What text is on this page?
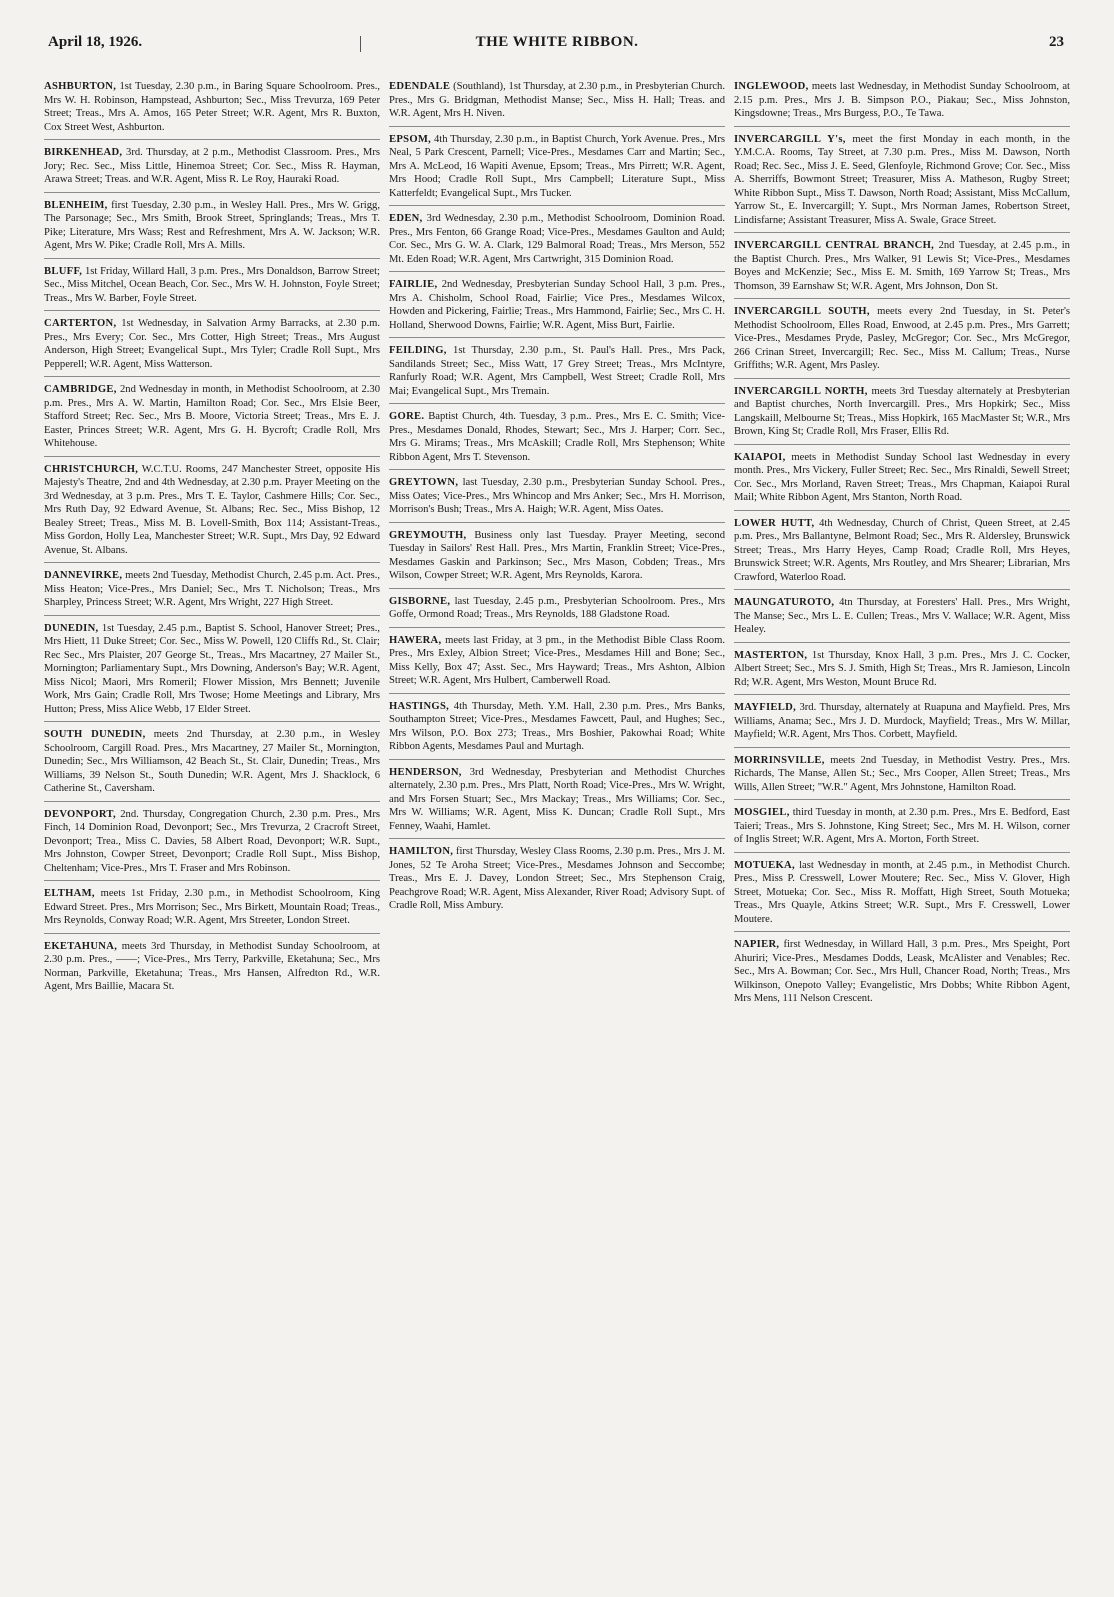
April 18, 1926.	THE WHITE RIBBON.	23
ASHBURTON, 1st Tuesday, 2.30 p.m., in Baring Square Schoolroom. Pres., Mrs W. H. Robinson, Hampstead, Ashburton; Sec., Miss Trevurza, 169 Peter Street; Treas., Mrs A. Amos, 165 Peter Street; W.R. Agent, Mrs R. Buxton, Cox Street West, Ashburton.
BIRKENHEAD, 3rd. Thursday, at 2 p.m., Methodist Classroom. Pres., Mrs Jory; Rec. Sec., Miss Little, Hinemoa Street; Cor. Sec., Miss R. Hayman, Arawa Street; Treas. and W.R. Agent, Miss R. Le Roy, Hauraki Road.
BLENHEIM, first Tuesday, 2.30 p.m., in Wesley Hall. Pres., Mrs W. Grigg, The Parsonage; Sec., Mrs Smith, Brook Street, Springlands; Treas., Mrs T. Pike; Literature, Mrs Wass; Rest and Refreshment, Mrs A. W. Jackson; W.R. Agent, Mrs W. Pike; Cradle Roll, Mrs A. Mills.
BLUFF, 1st Friday, Willard Hall, 3 p.m. Pres., Mrs Donaldson, Barrow Street; Sec., Miss Mitchel, Ocean Beach, Cor. Sec., Mrs W. H. Johnston, Foyle Street; Treas., Mrs W. Barber, Foyle Street.
CARTERTON, 1st Wednesday, in Salvation Army Barracks, at 2.30 p.m. Pres., Mrs Every; Cor. Sec., Mrs Cotter, High Street; Treas., Mrs August Anderson, High Street; Evangelical Supt., Mrs Tyler; Cradle Roll Supt., Mrs Pepperell; W.R. Agent, Miss Watterson.
CAMBRIDGE, 2nd Wednesday in month, in Methodist Schoolroom, at 2.30 p.m. Pres., Mrs A. W. Martin, Hamilton Road; Cor. Sec., Mrs Elsie Beer, Stafford Street; Rec. Sec., Mrs B. Moore, Victoria Street; Treas., Mrs E. J. Easter, Princes Street; W.R. Agent, Mrs G. H. Bycroft; Cradle Roll, Mrs Whitehouse.
CHRISTCHURCH, W.C.T.U. Rooms, 247 Manchester Street, opposite His Majesty's Theatre, 2nd and 4th Wednesday, at 2.30 p.m. Prayer Meeting on the 3rd Wednesday, at 3 p.m. Pres., Mrs T. E. Taylor, Cashmere Hills; Cor. Sec., Mrs Ruth Day, 92 Edward Avenue, St. Albans; Rec. Sec., Miss Bishop, 12 Bealey Street; Treas., Miss M. B. Lovell-Smith, Box 114; Assistant-Treas., Miss Gordon, Holly Lea, Manchester Street; W.R. Supt., Mrs Day, 92 Edward Avenue, St. Albans.
DANNEVIRKE, meets 2nd Tuesday, Methodist Church, 2.45 p.m. Act. Pres., Miss Heaton; Vice-Pres., Mrs Daniel; Sec., Mrs T. Nicholson; Treas., Mrs Sharpley, Princess Street; W.R. Agent, Mrs Wright, 227 High Street.
DUNEDIN, 1st Tuesday, 2.45 p.m., Baptist S. School, Hanover Street; Pres., Mrs Hiett, 11 Duke Street; Cor. Sec., Miss W. Powell, 120 Cliffs Rd., St. Clair; Rec Sec., Mrs Plaister, 207 George St., Treas., Mrs Macartney, 27 Mailer St., Mornington; Parliamentary Supt., Mrs Downing, Anderson's Bay; W.R. Agent, Miss Nicol; Maori, Mrs Romeril; Flower Mission, Mrs Bennett; Juvenile Work, Mrs Gain; Cradle Roll, Mrs Twose; Home Meetings and Library, Mrs Hutton; Press, Miss Alice Webb, 17 Elder Street.
SOUTH DUNEDIN, meets 2nd Thursday, at 2.30 p.m., in Wesley Schoolroom, Cargill Road. Pres., Mrs Macartney, 27 Mailer St., Mornington, Dunedin; Sec., Mrs Williamson, 42 Beach St., St. Clair, Dunedin; Treas., Mrs Williams, 39 Nelson St., South Dunedin; W.R. Agent, Mrs J. Shacklock, 6 Catherine St., Caversham.
DEVONPORT, 2nd. Thursday, Congregation Church, 2.30 p.m. Pres., Mrs Finch, 14 Dominion Road, Devonport; Sec., Mrs Trevurza, 2 Cracroft Street, Devonport; Trea., Miss C. Davies, 58 Albert Road, Devonport; W.R. Supt., Mrs Johnston, Cowper Street, Devonport; Cradle Roll Supt., Miss Bishop, Cheltenham; Vice-Pres., Mrs T. Fraser and Mrs Robinson.
ELTHAM, meets 1st Friday, 2.30 p.m., in Methodist Schoolroom, King Edward Street. Pres., Mrs Morrison; Sec., Mrs Birkett, Mountain Road; Treas., Mrs Reynolds, Conway Road; W.R. Agent, Mrs Streeter, London Street.
EKETAHUNA, meets 3rd Thursday, in Methodist Sunday Schoolroom, at 2.30 p.m. Pres., ——; Vice-Pres., Mrs Terry, Parkville, Eketahuna; Sec., Mrs Norman, Parkville, Eketahuna; Treas., Mrs Hansen, Alfredton Rd., W.R. Agent, Mrs Baillie, Macara St.
EDENDALE (Southland), 1st Thursday, at 2.30 p.m., in Presbyterian Church. Pres., Mrs G. Bridgman, Methodist Manse; Sec., Miss H. Hall; Treas. and W.R. Agent, Mrs H. Niven.
EPSOM, 4th Thursday, 2.30 p.m., in Baptist Church, York Avenue. Pres., Mrs Neal, 5 Park Crescent, Parnell; Vice-Pres., Mesdames Carr and Martin; Sec., Mrs A. McLeod, 16 Wapiti Avenue, Epsom; Treas., Mrs Pirrett; W.R. Agent, Mrs Hood; Cradle Roll Supt., Mrs Campbell; Literature Supt., Miss Katterfeldt; Evangelical Supt., Mrs Tucker.
EDEN, 3rd Wednesday, 2.30 p.m., Methodist Schoolroom, Dominion Road. Pres., Mrs Fenton, 66 Grange Road; Vice-Pres., Mesdames Gaulton and Auld; Cor. Sec., Mrs G. W. A. Clark, 129 Balmoral Road; Treas., Mrs Merson, 552 Mt. Eden Road; W.R. Agent, Mrs Cartwright, 315 Dominion Road.
FAIRLIE, 2nd Wednesday, Presbyterian Sunday School Hall, 3 p.m. Pres., Mrs A. Chisholm, School Road, Fairlie; Vice Pres., Mesdames Wilcox, Howden and Pickering, Fairlie; Treas., Mrs Hammond, Fairlie; Sec., Mrs C. H. Holland, Sherwood Downs, Fairlie; W.R. Agent, Miss Burt, Fairlie.
FEILDING, 1st Thursday, 2.30 p.m., St. Paul's Hall. Pres., Mrs Pack, Sandilands Street; Sec., Miss Watt, 17 Grey Street; Treas., Mrs McIntyre, Ranfurly Road; W.R. Agent, Mrs Campbell, West Street; Cradle Roll, Mrs Mai; Evangelical Supt., Mrs Tremain.
GORE. Baptist Church, 4th. Tuesday, 3 p.m.. Pres., Mrs E. C. Smith; Vice-Pres., Mesdames Donald, Rhodes, Stewart; Sec., Mrs J. Harper; Corr. Sec., Mrs G. Mirams; Treas., Mrs McAskill; Cradle Roll, Mrs Stephenson; White Ribbon Agent, Mrs T. Stevenson.
GREYTOWN, last Tuesday, 2.30 p.m., Presbyterian Sunday School. Pres., Miss Oates; Vice-Pres., Mrs Whincop and Mrs Anker; Sec., Mrs H. Morrison, Morrison's Bush; Treas., Mrs A. Haigh; W.R. Agent, Miss Oates.
GREYMOUTH, Business only last Tuesday. Prayer Meeting, second Tuesday in Sailors' Rest Hall. Pres., Mrs Martin, Franklin Street; Vice-Pres., Mesdames Gaskin and Parkinson; Sec., Mrs Mason, Cobden; Treas., Mrs Wilson, Cowper Street; W.R. Agent, Mrs Reynolds, Karora.
GISBORNE, last Tuesday, 2.45 p.m., Presbyterian Schoolroom. Pres., Mrs Goffe, Ormond Road; Treas., Mrs Reynolds, 188 Gladstone Road.
HAWERA, meets last Friday, at 3 pm., in the Methodist Bible Class Room. Pres., Mrs Exley, Albion Street; Vice-Pres., Mesdames Hill and Bone; Sec., Miss Kelly, Box 47; Asst. Sec., Mrs Hayward; Treas., Mrs Ashton, Albion Street; W.R. Agent, Mrs Hulbert, Camberwell Road.
HASTINGS, 4th Thursday, Meth. Y.M. Hall, 2.30 p.m. Pres., Mrs Banks, Southampton Street; Vice-Pres., Mesdames Fawcett, Paul, and Hughes; Sec., Mrs Wilson, P.O. Box 273; Treas., Mrs Boshier, Pakowhai Road; White Ribbon Agents, Mesdames Paul and Murtagh.
HENDERSON, 3rd Wednesday, Presbyterian and Methodist Churches alternately, 2.30 p.m. Pres., Mrs Platt, North Road; Vice-Pres., Mrs W. Wright, and Mrs Forsen Stuart; Sec., Mrs Mackay; Treas., Mrs Williams; Cor. Sec., Mrs W. Williams; W.R. Agent, Miss K. Duncan; Cradle Roll Supt., Mrs Fenney, Waahi, Hamlet.
HAMILTON, first Thursday, Wesley Class Rooms, 2.30 p.m. Pres., Mrs J. M. Jones, 52 Te Aroha Street; Vice-Pres., Mesdames Johnson and Seccombe; Treas., Mrs E. J. Davey, London Street; Sec., Mrs Stephenson Craig, Peachgrove Road; W.R. Agent, Miss Alexander, River Road; Advisory Supt. of Cradle Roll, Miss Ambury.
INGLEWOOD, meets last Wednesday, in Methodist Sunday Schoolroom, at 2.15 p.m. Pres., Mrs J. B. Simpson P.O., Piakau; Sec., Miss Johnston, Kingsdowne; Treas., Mrs Burgess, P.O., Te Tawa.
INVERCARGILL Y's, meet the first Monday in each month, in the Y.M.C.A. Rooms, Tay Street, at 7.30 p.m. Pres., Miss M. Dawson, North Road; Rec. Sec., Miss J. E. Seed, Glenfoyle, Richmond Grove; Cor. Sec., Miss A. Sherriffs, Bowmont Street; Treasurer, Miss A. Matheson, Rugby Street; White Ribbon Supt., Miss T. Dawson, North Road; Assistant, Miss McCallum, Yarrow St., E. Invercargill; Y. Supt., Mrs Norman James, Robertson Street, Lindisfarne; Assistant Treasurer, Miss A. Swale, Grace Street.
INVERCARGILL CENTRAL BRANCH, 2nd Tuesday, at 2.45 p.m., in the Baptist Church. Pres., Mrs Walker, 91 Lewis St; Vice-Pres., Mesdames Boyes and McKenzie; Sec., Miss E. M. Smith, 169 Yarrow St; Treas., Mrs Thomson, 39 Earnshaw St; W.R. Agent, Mrs Johnson, Don St.
INVERCARGILL SOUTH, meets every 2nd Tuesday, in St. Peter's Methodist Schoolroom, Elles Road, Enwood, at 2.45 p.m. Pres., Mrs Garrett; Vice-Pres., Mesdames Pryde, Pasley, McGregor; Cor. Sec., Mrs McGregor, 266 Crinan Street, Invercargill; Rec. Sec., Miss M. Callum; Treas., Nurse Griffiths; W.R. Agent, Mrs Pasley.
INVERCARGILL NORTH, meets 3rd Tuesday alternately at Presbyterian and Baptist churches, North Invercargill. Pres., Mrs Hopkirk; Sec., Miss Langskaill, Melbourne St; Treas., Miss Hopkirk, 165 MacMaster St; W.R., Mrs Brown, King St; Cradle Roll, Mrs Fraser, Ellis Rd.
KAIAPOI, meets in Methodist Sunday School last Wednesday in every month. Pres., Mrs Vickery, Fuller Street; Rec. Sec., Mrs Rinaldi, Sewell Street; Cor. Sec., Mrs Morland, Raven Street; Treas., Mrs Chapman, Kaiapoi Rural Mail; White Ribbon Agent, Mrs Stanton, North Road.
LOWER HUTT, 4th Wednesday, Church of Christ, Queen Street, at 2.45 p.m. Pres., Mrs Ballantyne, Belmont Road; Sec., Mrs R. Aldersley, Brunswick Street; Treas., Mrs Harry Heyes, Camp Road; Cradle Roll, Mrs Heyes, Brunswick Street; W.R. Agents, Mrs Routley, and Mrs Shearer; Librarian, Mrs Crawford, Waterloo Road.
MAUNGATUROTO, 4tn Thursday, at Foresters' Hall. Pres., Mrs Wright, The Manse; Sec., Mrs L. E. Cullen; Treas., Mrs V. Wallace; W.R. Agent, Miss Healey.
MASTERTON, 1st Thursday, Knox Hall, 3 p.m. Pres., Mrs J. C. Cocker, Albert Street; Sec., Mrs S. J. Smith, High St; Treas., Mrs R. Jamieson, Lincoln Rd; W.R. Agent, Mrs Weston, Mount Bruce Rd.
MAYFIELD, 3rd. Thursday, alternately at Ruapuna and Mayfield. Pres, Mrs Williams, Anama; Sec., Mrs J. D. Murdock, Mayfield; Treas., Mrs W. Millar, Mayfield; W.R. Agent, Mrs Thos. Corbett, Mayfield.
MORRINSVILLE, meets 2nd Tuesday, in Methodist Vestry. Pres., Mrs. Richards, The Manse, Allen St.; Sec., Mrs Cooper, Allen Street; Treas., Mrs Wills, Allen Street; "W.R." Agent, Mrs Johnstone, Hamilton Road.
MOSGIEL, third Tuesday in month, at 2.30 p.m. Pres., Mrs E. Bedford, East Taieri; Treas., Mrs S. Johnstone, King Street; Sec., Mrs M. H. Wilson, corner of Inglis Street; W.R. Agent, Mrs A. Morton, Forth Street.
MOTUEKA, last Wednesday in month, at 2.45 p.m., in Methodist Church. Pres., Miss P. Cresswell, Lower Moutere; Rec. Sec., Miss V. Glover, High Street, Motueka; Cor. Sec., Miss R. Moffatt, High Street, South Motueka; Treas., Mrs Quayle, Atkins Street; W.R. Supt., Mrs F. Cresswell, Lower Moutere.
NAPIER, first Wednesday, in Willard Hall, 3 p.m. Pres., Mrs Speight, Port Ahuriri; Vice-Pres., Mesdames Dodds, Leask, McAlister and Venables; Rec. Sec., Mrs A. Bowman; Cor. Sec., Mrs Hull, Chancer Road, North; Treas., Mrs Wilkinson, Onepoto Valley; Evangelistic, Mrs Dobbs; White Ribbon Agent, Mrs Mens, 111 Nelson Crescent.
